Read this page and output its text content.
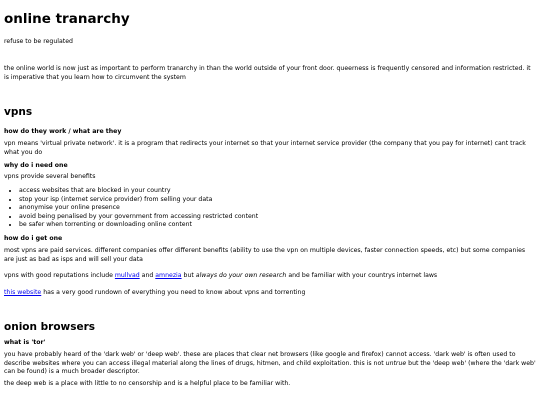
online tranarchy

refuse to be regulated

the online world is now just as important to perform tranarchy in than the world outside of your front door. queerness is frequently censored and information restricted. it is imperative that you learn how to circumvent the system

vpns
how do they work / what are they

vpn means 'virtual private network'. it is a program that redirects your internet so that your internet service provider (the company that you pay for internet) cant track what you do

why do i need one

vpns provide several benefits

• access websites that are blocked in your country
• stop your isp (internet service provider) from selling your data
• anonymise your online presence
• avoid being penalised by your government from accessing restricted content
• be safer when torrenting or downloading online content
how do i get one

most vpns are paid services. different companies offer different benefits (ability to use the vpn on multiple devices, faster connection speeds, etc) but some companies are just as bad as isps and will sell your data

vpns with good reputations include mullvad and amnezia but always do your own research and be familiar with your countrys internet laws

this website has a very good rundown of everything you need to know about vpns and torrenting

onion browsers
what is 'tor'

you have probably heard of the 'dark web' or 'deep web'. these are places that clear net browsers (like google and firefox) cannot access. 'dark web' is often used to describe websites where you can access illegal material along the lines of drugs, hitmen, and child exploitation. this is not untrue but the 'deep web' (where the 'dark web' can be found) is a much broader descriptor.

the deep web is a place with little to no censorship and is a helpful place to be familiar with.
